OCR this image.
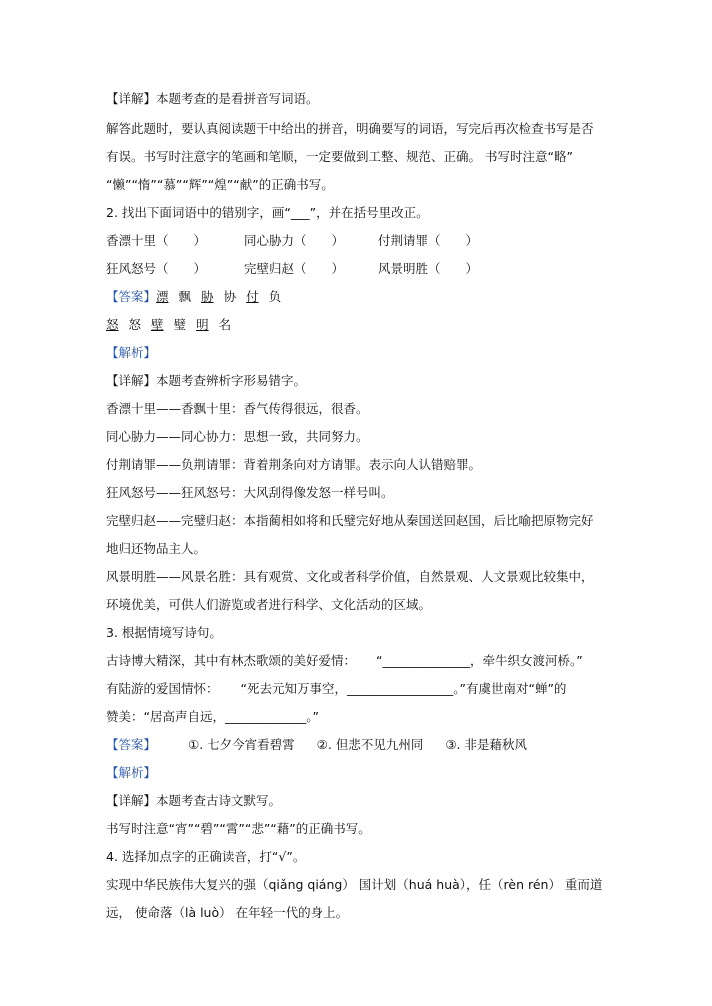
【详解】本题考查的是看拼音写词语。
解答此题时，要认真阅读题干中给出的拼音，明确要写的词语，写完后再次检查书写是否
有误。书写时注意字的笔画和笔顺，一定要做到工整、规范、正确。 书写时注意“略”
“懒”“惰”“慕”“辉”“煌”“献”的正确书写。
2. 找出下面词语中的错别字，画“___”，并在括号里改正。
香漂十里（　　）	同心胁力（　　）	付荆请罪（　　）
狂风怒号（　　）	完壁归赵（　　）	风景明胜（　　）
【答案】漂 飘 胁 协 付 负
怒 怒 壁 璧 明 名
【解析】
【详解】本题考查辨析字形易错字。
香漂十里——香飘十里：香气传得很远，很香。
同心胁力——同心协力：思想一致，共同努力。
付荆请罪——负荆请罪：背着荆条向对方请罪。表示向人认错赔罪。
狂风怒号——狂风怒号：大风刮得像发怒一样号叫。
完壁归赵——完璧归赵：本指蔺相如将和氏璧完好地从秦国送回赵国，后比喻把原物完好
地归还物品主人。
风景明胜——风景名胜：具有观赏、文化或者科学价值，自然景观、人文景观比较集中，
环境优美，可供人们游览或者进行科学、文化活动的区域。
3. 根据情境写诗句。
古诗博大精深，其中有林杰歌颂的美好爱情： “______________，牵牛织女渡河桥。”
有陆游的爱国情怀： “死去元知万事空，_________________。”有虞世南对“蝉”的
赞美：“居高声自远，_____________。”
【答案】	①. 七夕今宵看碧霄 ②. 但悲不见九州同 ③. 非是藉秋风
【解析】
【详解】本题考查古诗文默写。
书写时注意“宵”“碧”“霄”“悲”“藉”的正确书写。
4. 选择加点字的正确读音，打“√”。
实现中华民族伟大复兴的强（qiǎng qiáng） 国计划（huá huà），任（rèn rén） 重而道
远， 使命落（là luò） 在年轻一代的身上。
